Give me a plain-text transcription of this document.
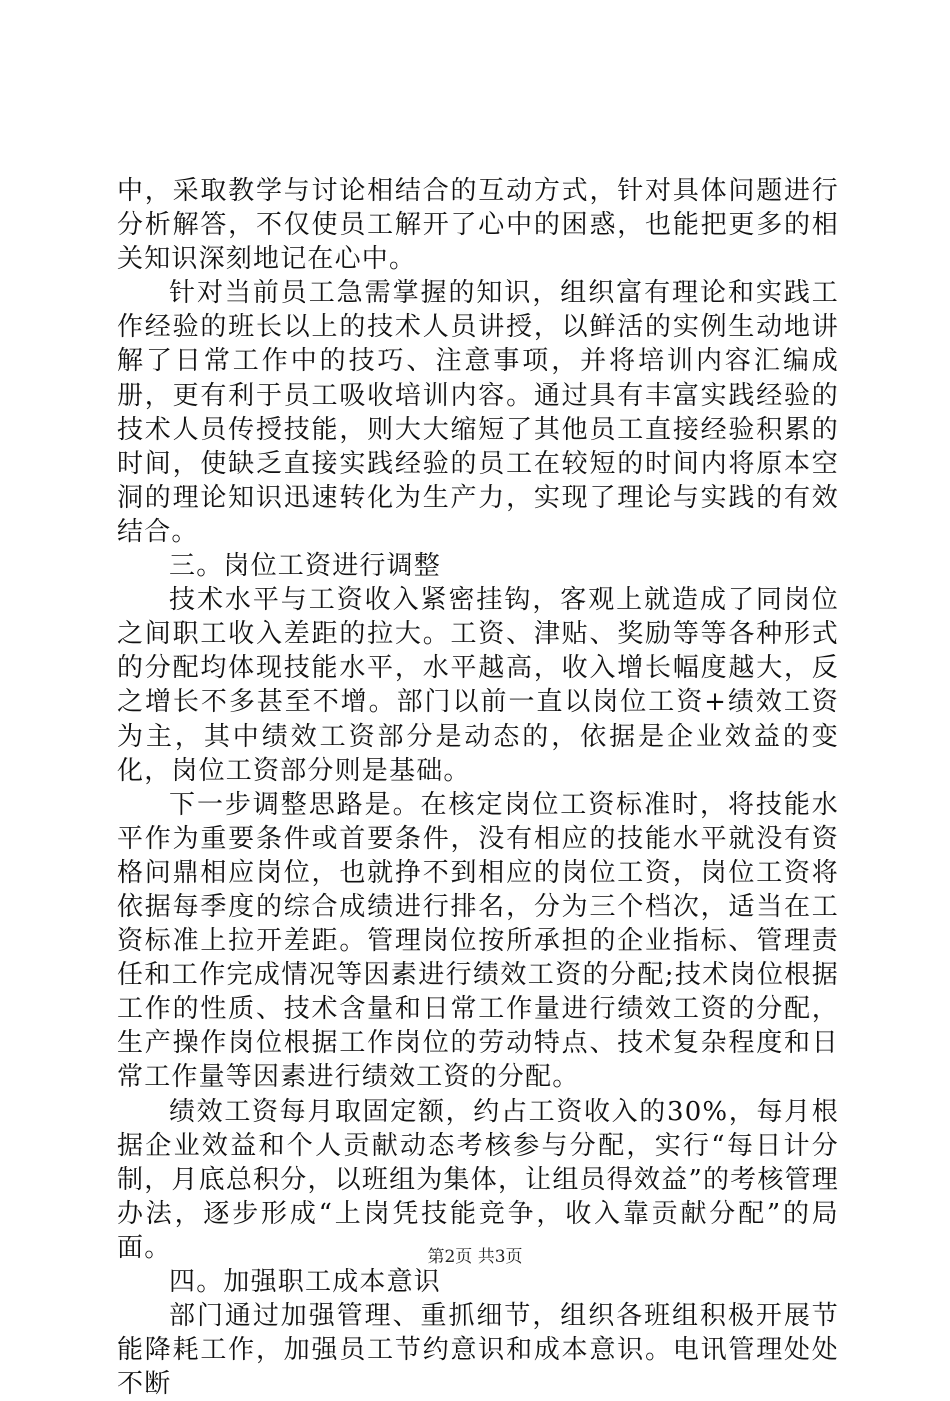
中，采取教学与讨论相结合的互动方式，针对具体问题进行分析解答，不仅使员工解开了心中的困惑，也能把更多的相关知识深刻地记在心中。

针对当前员工急需掌握的知识，组织富有理论和实践工作经验的班长以上的技术人员讲授，以鲜活的实例生动地讲解了日常工作中的技巧、注意事项，并将培训内容汇编成册，更有利于员工吸收培训内容。通过具有丰富实践经验的技术人员传授技能，则大大缩短了其他员工直接经验积累的时间，使缺乏直接实践经验的员工在较短的时间内将原本空洞的理论知识迅速转化为生产力，实现了理论与实践的有效结合。

三。岗位工资进行调整

技术水平与工资收入紧密挂钩，客观上就造成了同岗位之间职工收入差距的拉大。工资、津贴、奖励等等各种形式的分配均体现技能水平，水平越高，收入增长幅度越大，反之增长不多甚至不增。部门以前一直以岗位工资+绩效工资为主，其中绩效工资部分是动态的，依据是企业效益的变化，岗位工资部分则是基础。

下一步调整思路是。在核定岗位工资标准时，将技能水平作为重要条件或首要条件，没有相应的技能水平就没有资格问鼎相应岗位，也就挣不到相应的岗位工资，岗位工资将依据每季度的综合成绩进行排名，分为三个档次，适当在工资标准上拉开差距。管理岗位按所承担的企业指标、管理责任和工作完成情况等因素进行绩效工资的分配;技术岗位根据工作的性质、技术含量和日常工作量进行绩效工资的分配，生产操作岗位根据工作岗位的劳动特点、技术复杂程度和日常工作量等因素进行绩效工资的分配。

绩效工资每月取固定额，约占工资收入的30%，每月根据企业效益和个人贡献动态考核参与分配，实行“每日计分制，月底总积分，以班组为集体，让组员得效益”的考核管理办法，逐步形成“上岗凭技能竞争，收入靠贡献分配”的局面。

四。加强职工成本意识

部门通过加强管理、重抓细节，组织各班组积极开展节能降耗工作，加强员工节约意识和成本意识。电讯管理处处不断

第2页 共3页
